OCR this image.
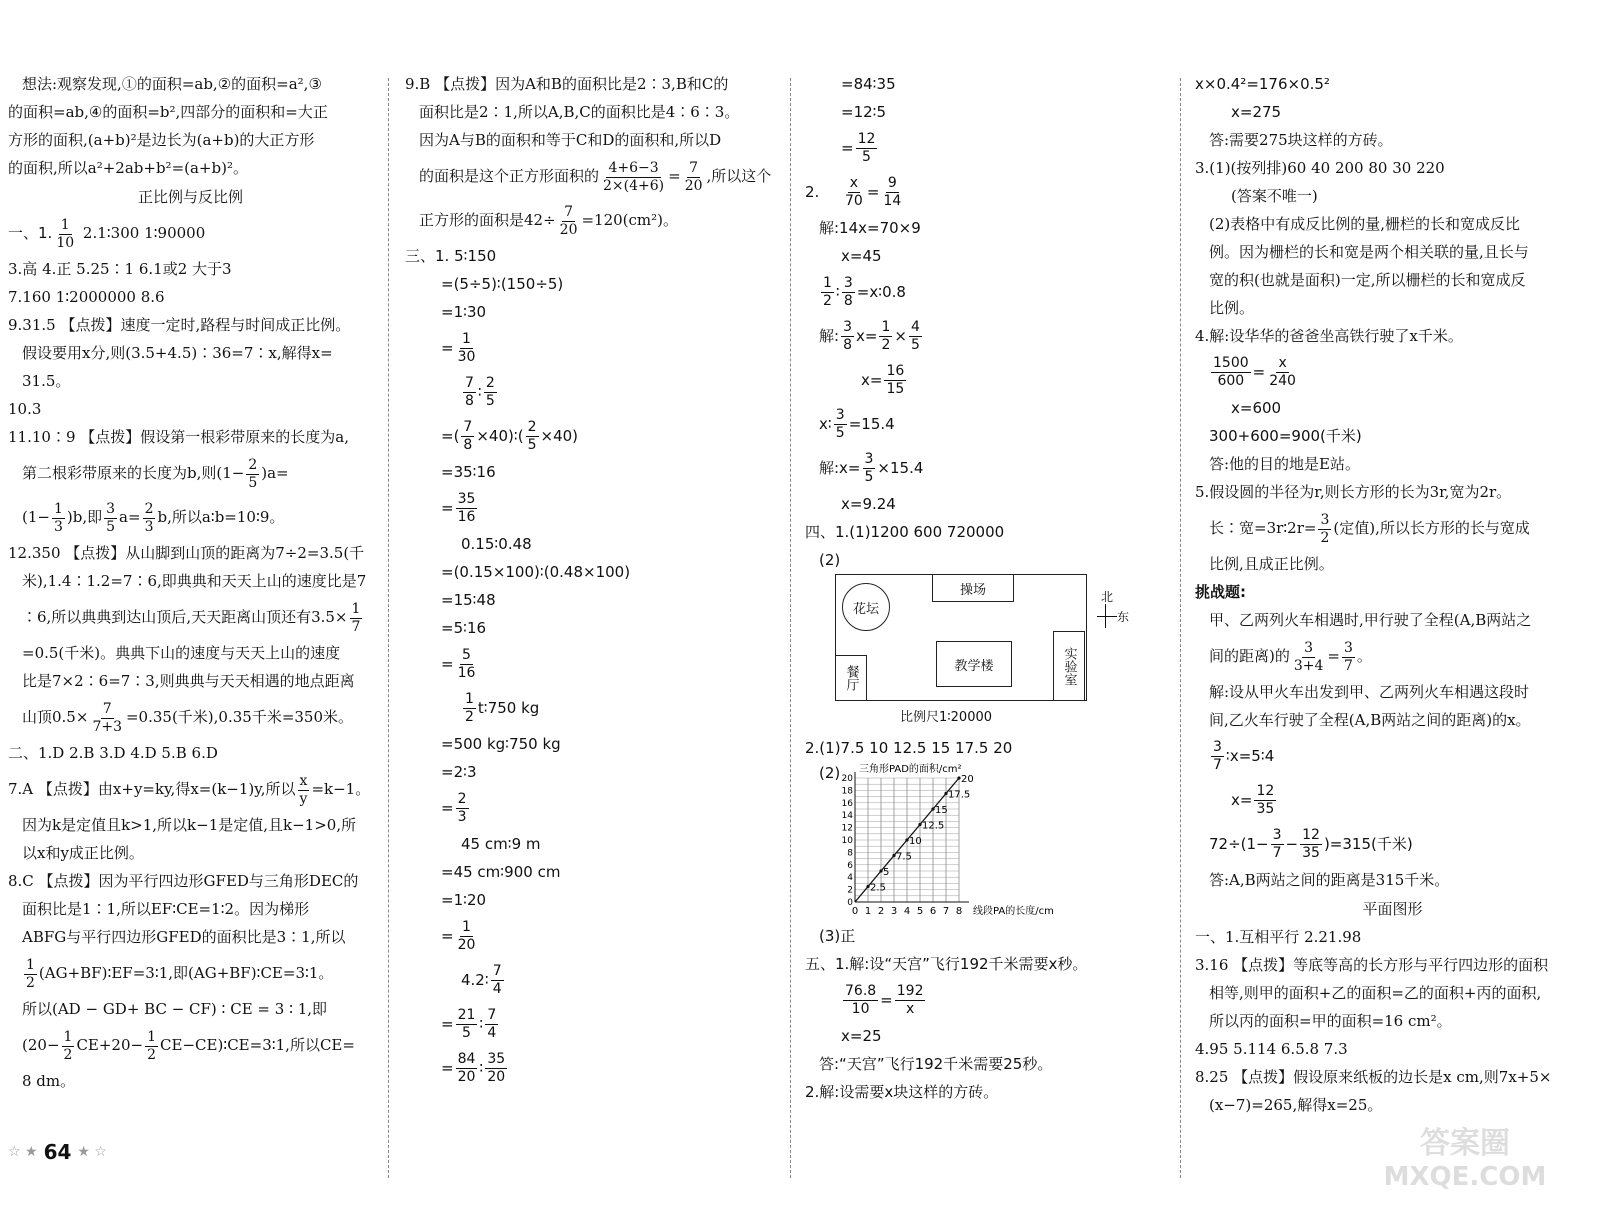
想法:观察发现,①的面积=ab,②的面积=a²,③
的面积=ab,④的面积=b²,四部分的面积和=大正
方形的面积,(a+b)²是边长为(a+b)的大正方形
的面积,所以a²+2ab+b²=(a+b)²。
正比例与反比例
一、1. $\frac{1}{10}$ 2.1∶300 1∶90000
3.高 4.正 5.25∶1 6.1或2 大于3
7.160 1∶2000000 8.6
9.31.5 【点拨】速度一定时,路程与时间成正比例。
假设要用x分,则(3.5+4.5)∶36=7∶x,解得x=
31.5。
10.3
11.10∶9 【点拨】假设第一根彩带原来的长度为a,
第二根彩带原来的长度为b,则$(1- \frac{2}{5} )a=$
$(1- \frac{1}{3} )b$,即 $\frac{3}{5} a= \frac{2}{3} b$,所以a∶b=10∶9。
12.350 【点拨】从山脚到山顶的距离为7÷2=3.5(千
米),1.4∶1.2=7∶6,即典典和天天上山的速度比是7
∶6,所以典典到达山顶后,天天距离山顶还有$3.5\times \frac{1}{7}$
=0.5(千米)。典典下山的速度与天天上山的速度
比是7×2∶6=7∶3,则典典与天天相遇的地点距离
山顶$0.5\times \frac{7}{7+3} =0.35$(千米),0.35千米=350米。
二、1.D 2.B 3.D 4.D 5.B 6.D
7.A 【点拨】由x+y=ky,得x=(k−1)y,所以 $\frac{x}{y} =k-1$。
因为k是定值且k>1,所以k−1是定值,且k−1>0,所
以x和y成正比例。
8.C 【点拨】因为平行四边形GFED与三角形DEC的
面积比是1∶1,所以EF∶CE=1∶2。因为梯形
ABFG与平行四边形GFED的面积比是3∶1,所以
$\frac{1}{2}$ (AG+BF)∶EF=3∶1,即(AG+BF)∶CE=3∶1。
所以(AD − GD+ BC − CF) ∶ CE = 3 ∶ 1,即
($20- \frac{1}{2} CE+20- \frac{1}{2}$ CE−CE)∶CE=3∶1,所以CE=
8 dm。
9.B 【点拨】因为A和B的面积比是2∶3,B和C的
面积比是2∶1,所以A,B,C的面积比是4∶6∶3。
因为A与B的面积和等于C和D的面积和,所以D
的面积是这个正方形面积的 $\frac{4+6-3}{2\times(4+6)} = \frac{7}{20}$ ,所以这个
正方形的面积是$42\div \frac{7}{20} =120(cm^2)$。
三、1. 5∶150
=(5÷5)∶(150÷5)
=1∶30
= $\frac{1}{30}$
$\frac{7}{8}$ ∶ $\frac{2}{5}$
=( $\frac{7}{8}$ ×40)∶( $\frac{2}{5} \times 40$)
=35∶16
= $\frac{35}{16}$
0.15∶0.48
=(0.15×100)∶(0.48×100)
=15∶48
=5∶16
= $\frac{5}{16}$
$\frac{1}{2}$ t∶750 kg
=500 kg∶750 kg
=2∶3
= $\frac{2}{3}$
45 cm∶9 m
=45 cm∶900 cm
=1∶20
= $\frac{1}{20}$
4.2∶ $\frac{7}{4}$
= $\frac{21}{5}$ ∶ $\frac{7}{4}$
= $\frac{84}{20}$ ∶ $\frac{35}{20}$
=84∶35
=12∶5
= $\frac{12}{5}$
2. $\frac{x}{70} = \frac{9}{14}$
解:14x=70×9
x=45
$\frac{1}{2}$ ∶ $\frac{3}{8}$ =x∶0.8
解: $\frac{3}{8} x= \frac{1}{2} \times \frac{4}{5}$
$x= \frac{16}{15}$
x∶ $\frac{3}{5} =15.4$
解:x= $\frac{3}{5} \times 15.4$
x=9.24
四、1.(1)1200 600 720000
(2)
操场
花坛
教学楼	实验室
餐厅
北
东
比例尺1∶20000
2.(1)7.5 10 12.5 15 17.5 20
(2)
0 1 2 3 4 5 6 7 8
0
2
4
6
8
10
12
14
16
18
20
三角形PAD的面积/cm²
线段PA的长度/cm
2.5
5
7.5
10
12.5
15
17.5
20
(3)正
五、1.解:设“天宫”飞行192千米需要x秒。
$\frac{76.8}{10} = \frac{192}{x}$
x=25
答:“天宫”飞行192千米需要25秒。
2.解:设需要x块这样的方砖。
x×0.4²=176×0.5²
x=275
答:需要275块这样的方砖。
3.(1)(按列排)60 40 200 80 30 220
(答案不唯一)
(2)表格中有成反比例的量,栅栏的长和宽成反比
例。因为栅栏的长和宽是两个相关联的量,且长与
宽的积(也就是面积)一定,所以栅栏的长和宽成反
比例。
4.解:设华华的爸爸坐高铁行驶了x千米。
$\frac{1500}{600} = \frac{x}{240}$
x=600
300+600=900(千米)
答:他的目的地是E站。
5.假设圆的半径为r,则长方形的长为3r,宽为2r。
长∶宽=3r∶2r= $\frac{3}{2}$ (定值),所以长方形的长与宽成
比例,且成正比例。
挑战题:
甲、乙两列火车相遇时,甲行驶了全程(A,B两站之
间的距离)的 $\frac{3}{3+4} = \frac{3}{7}$ 。
解:设从甲火车出发到甲、乙两列火车相遇这段时
间,乙火车行驶了全程(A,B两站之间的距离)的x。
$\frac{3}{7}$ ∶x=5∶4
$x= \frac{12}{35}$
$72\div(1- \frac{3}{7} - \frac{12}{35} )=315$(千米)
答:A,B两站之间的距离是315千米。
平面图形
一、1.互相平行 2.21.98
3.16 【点拨】等底等高的长方形与平行四边形的面积
相等,则甲的面积+乙的面积=乙的面积+丙的面积,
所以丙的面积=甲的面积=16 cm²。
4.95 5.114 6.5.8 7.3
8.25 【点拨】假设原来纸板的边长是x cm,则7x+5×
(x−7)=265,解得x=25。
☆ ★ 64 ★ ☆	答案圈
MXQE.COM
